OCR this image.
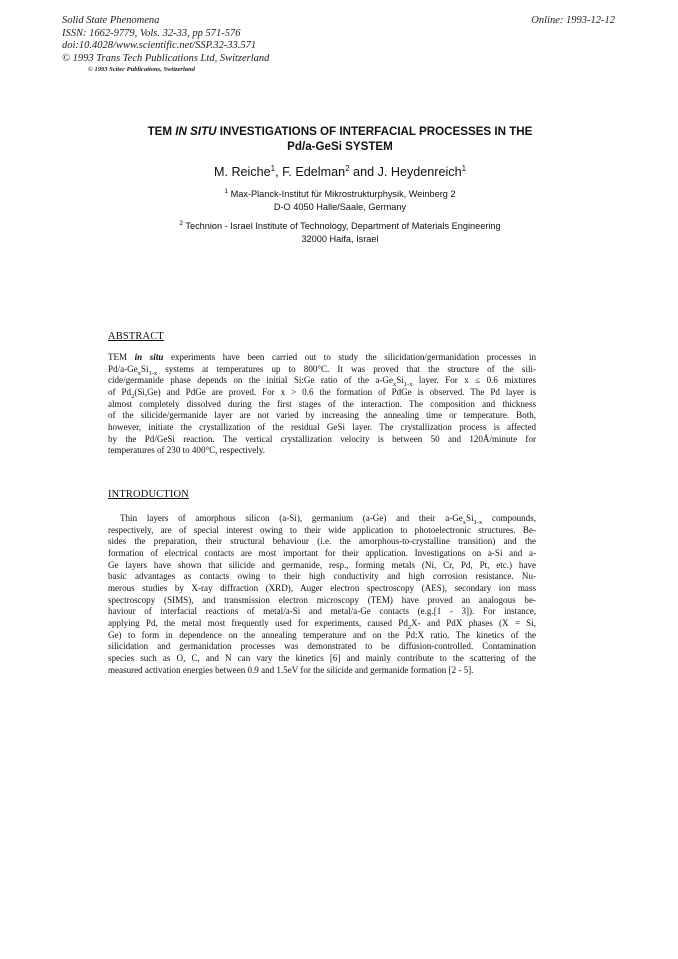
Solid State Phenomena
ISSN: 1662-9779, Vols. 32-33, pp 571-576
doi:10.4028/www.scientific.net/SSP.32-33.571
© 1993 Trans Tech Publications Ltd, Switzerland
© 1993 Scitec Publications, Switzerland
Online: 1993-12-12
TEM IN SITU INVESTIGATIONS OF INTERFACIAL PROCESSES IN THE
Pd/a-GeSi SYSTEM
M. Reiche$^1$, F. Edelman$^2$ and J. Heydenreich$^1$
$^1$ Max-Planck-Institut für Mikrostrukturphysik, Weinberg 2
D-O 4050 Halle/Saale, Germany
$^2$ Technion - Israel Institute of Technology, Department of Materials Engineering
32000 Haifa, Israel
ABSTRACT
TEM in situ experiments have been carried out to study the silicidation/germanidation processes in
$Pd/a-Ge_xSi_{1-x}$ systems at temperatures up to 800°C. It was proved that the structure of the sili-
cide/germanide phase depends on the initial Si:Ge ratio of the $a-Ge_xSi_{1-x}$ layer. For x ≤ 0.6 mixtures
of $Pd_2(Si,Ge)$ and PdGe are proved. For x > 0.6 the formation of PdGe is observed. The Pd layer is
almost completely dissolved during the first stages of the interaction. The composition and thickness
of the silicide/germanide layer are not varied by increasing the annealing time or temperature. Both,
however, initiate the crystallization of the residual GeSi layer. The crystallization process is affected
by the Pd/GeSi reaction. The vertical crystallization velocity is between 50 and 120Å/minute for
temperatures of 230 to 400°C, respectively.
INTRODUCTION
Thin layers of amorphous silicon (a-Si), germanium (a-Ge) and their $a-Ge_xSi_{1-x}$ compounds,
respectively, are of special interest owing to their wide application to photoelectronic structures. Be-
sides the preparation, their structural behaviour (i.e. the amorphous-to-crystalline transition) and the
formation of electrical contacts are most important for their application. Investigations on a-Si and a-
Ge layers have shown that silicide and germanide, resp., forming metals (Ni, Cr, Pd, Pt, etc.) have
basic advantages as contacts owing to their high conductivity and high corrosion resistance. Nu-
merous studies by X-ray diffraction (XRD), Auger electron spectroscopy (AES), secondary ion mass
spectroscopy (SIMS), and transmission electron microscopy (TEM) have proved an analogous be-
haviour of interfacial reactions of metal/a-Si and metal/a-Ge contacts (e.g.[1 - 3]). For instance,
applying Pd, the metal most frequently used for experiments, caused $Pd_2X-$ and PdX phases (X = Si,
Ge) to form in dependence on the annealing temperature and on the Pd:X ratio. The kinetics of the
silicidation and germanidation processes was demonstrated to be diffusion-controlled. Contamination
species such as O, C, and N can vary the kinetics [6] and mainly contribute to the scattering of the
measured activation energies between 0.9 and 1.5eV for the silicide and germanide formation [2 - 5].
